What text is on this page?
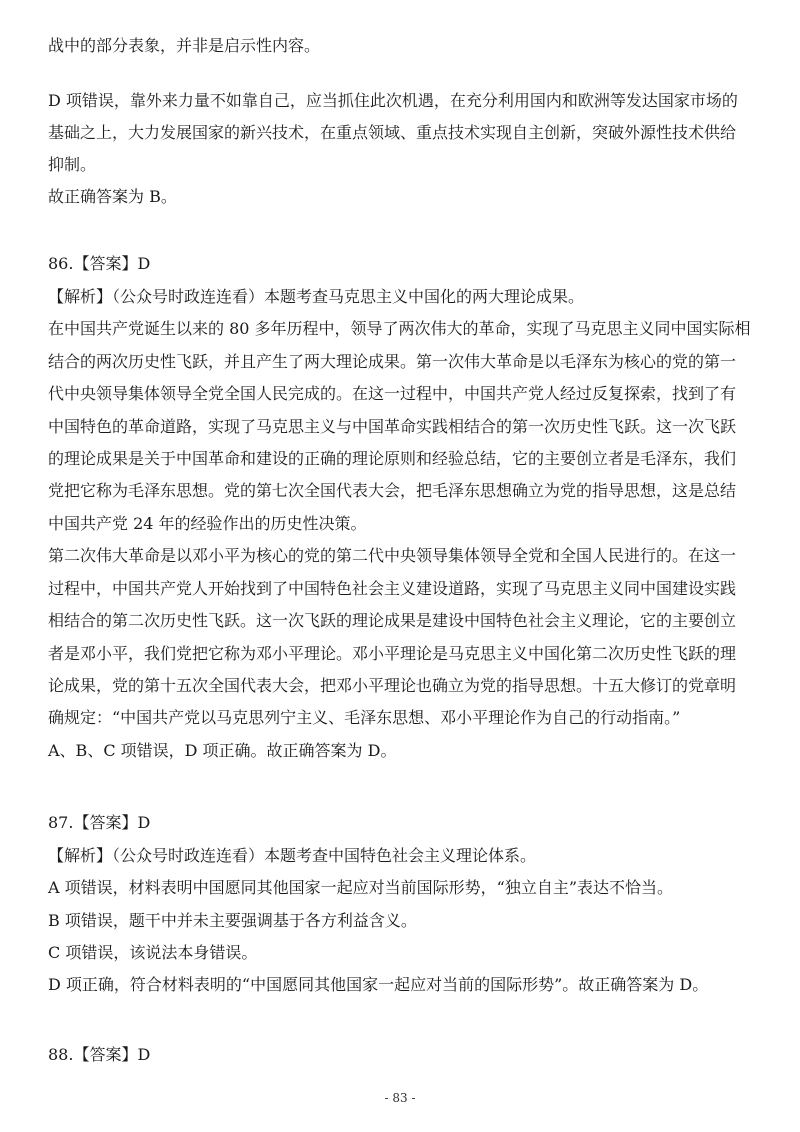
战中的部分表象，并非是启示性内容。
D 项错误，靠外来力量不如靠自己，应当抓住此次机遇，在充分利用国内和欧洲等发达国家市场的
基础之上，大力发展国家的新兴技术，在重点领域、重点技术实现自主创新，突破外源性技术供给
抑制。
故正确答案为 B。
86.【答案】D
【解析】（公众号时政连连看）本题考查马克思主义中国化的两大理论成果。
在中国共产党诞生以来的 80 多年历程中，领导了两次伟大的革命，实现了马克思主义同中国实际相
结合的两次历史性飞跃，并且产生了两大理论成果。第一次伟大革命是以毛泽东为核心的党的第一
代中央领导集体领导全党全国人民完成的。在这一过程中，中国共产党人经过反复探索，找到了有
中国特色的革命道路，实现了马克思主义与中国革命实践相结合的第一次历史性飞跃。这一次飞跃
的理论成果是关于中国革命和建设的正确的理论原则和经验总结，它的主要创立者是毛泽东，我们
党把它称为毛泽东思想。党的第七次全国代表大会，把毛泽东思想确立为党的指导思想，这是总结
中国共产党 24 年的经验作出的历史性决策。
第二次伟大革命是以邓小平为核心的党的第二代中央领导集体领导全党和全国人民进行的。在这一
过程中，中国共产党人开始找到了中国特色社会主义建设道路，实现了马克思主义同中国建设实践
相结合的第二次历史性飞跃。这一次飞跃的理论成果是建设中国特色社会主义理论，它的主要创立
者是邓小平，我们党把它称为邓小平理论。邓小平理论是马克思主义中国化第二次历史性飞跃的理
论成果，党的第十五次全国代表大会，把邓小平理论也确立为党的指导思想。十五大修订的党章明
确规定：“中国共产党以马克思列宁主义、毛泽东思想、邓小平理论作为自己的行动指南。”
A、B、C 项错误，D 项正确。故正确答案为 D。
87.【答案】D
【解析】（公众号时政连连看）本题考查中国特色社会主义理论体系。
A 项错误，材料表明中国愿同其他国家一起应对当前国际形势，“独立自主”表达不恰当。
B 项错误，题干中并未主要强调基于各方利益含义。
C 项错误，该说法本身错误。
D 项正确，符合材料表明的“中国愿同其他国家一起应对当前的国际形势”。故正确答案为 D。
88.【答案】D
- 83 -
